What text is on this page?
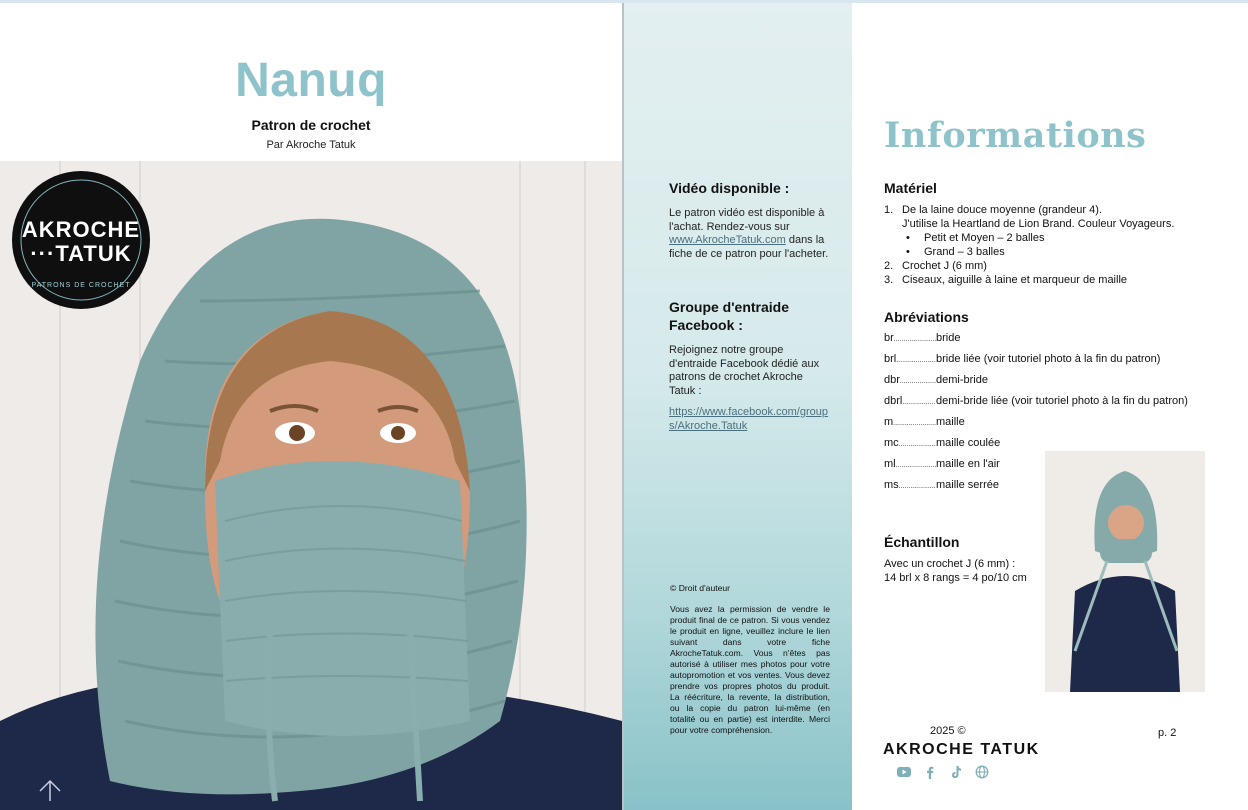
Nanuq
Patron de crochet
Par Akroche Tatuk
AKROCHE
···TATUK
PATRONS DE CROCHET
Vidéo disponible :

Le patron vidéo est disponible à l'achat. Rendez-vous sur www.AkrocheTatuk.com dans la fiche de ce patron pour l'acheter.

Groupe d'entraide Facebook :

Rejoignez notre groupe d'entraide Facebook dédié aux patrons de crochet Akroche Tatuk :

https://www.facebook.com/groups/Akroche.Tatuk

© Droit d'auteur
Vous avez la permission de vendre le produit final de ce patron. Si vous vendez le produit en ligne, veuillez inclure le lien suivant dans votre fiche AkrocheTatuk.com. Vous n'êtes pas autorisé à utiliser mes photos pour votre autopromotion et vos ventes. Vous devez prendre vos propres photos du produit. La réécriture, la revente, la distribution, ou la copie du patron lui-même (en totalité ou en partie) est interdite. Merci pour votre compréhension.
Informations
Matériel
1. De la laine douce moyenne (grandeur 4).
J'utilise la Heartland de Lion Brand. Couleur Voyageurs.
• Petit et Moyen – 2 balles
• Grand – 3 balles
2. Crochet J (6 mm)
3. Ciseaux, aiguille à laine et marqueur de maille
Abréviations
br .....	bride
brl .....	bride liée (voir tutoriel photo à la fin du patron)
dbr .....	demi-bride
dbrl .....	demi-bride liée (voir tutoriel photo à la fin du patron)
m .....	maille
mc .....	maille coulée
ml .....	maille en l'air
ms .....	maille serrée
Échantillon
Avec un crochet J (6 mm) :
14 brl x 8 rangs = 4 po/10 cm
2025 ©
AKROCHE TATUK
p. 2
